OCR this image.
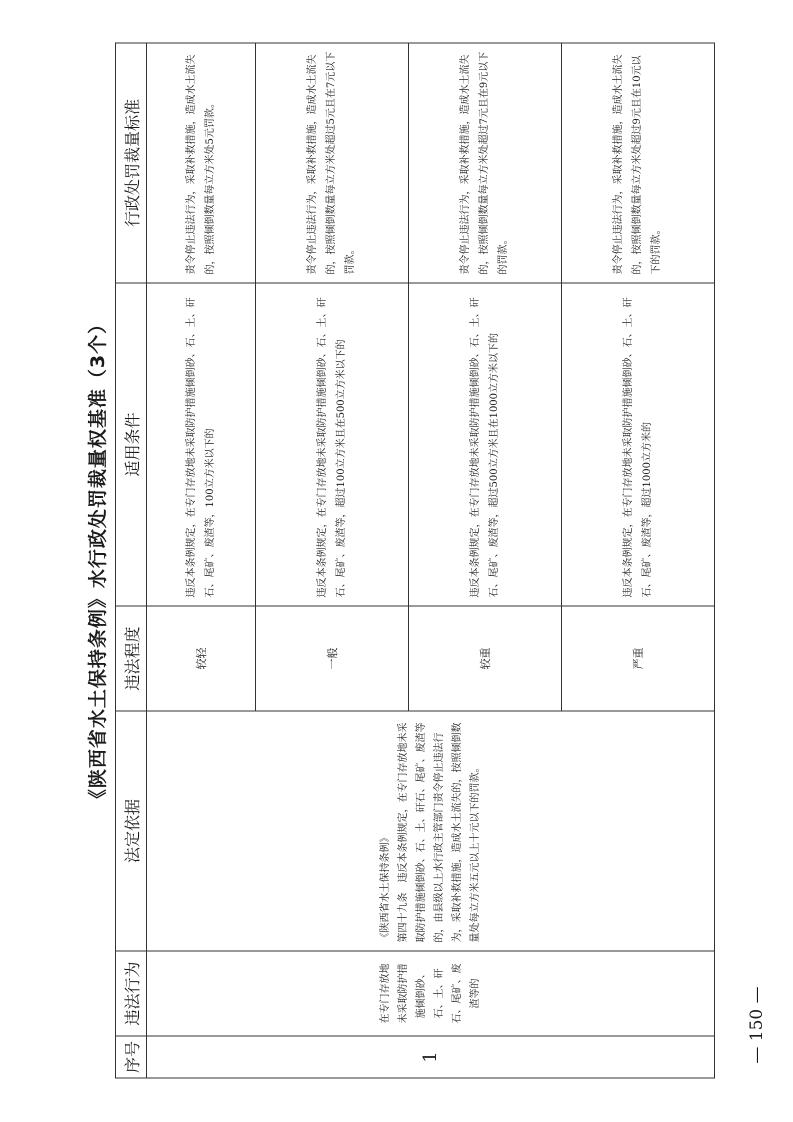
《陕西省水土保持条例》水行政处罚裁量权基准（3个）
序号	违法行为	法定依据	违法程度	适用条件	行政处罚裁量标准
1	在专门存放地未采取防护措施倾倒砂、石、土、矸石、尾矿、废渣等的	《陕西省水土保持条例》 第四十九条　违反本条例规定，在专门存放地未采取防护措施倾倒砂、石、土、矸石、尾矿、废渣等的，由县级以上水行政主管部门责令停止违法行为，采取补救措施，造成水土流失的，按照倾倒数量处每立方米五元以上十元以下的罚款。	较轻	违反本条例规定，在专门存放地未采取防护措施倾倒砂、石、土、矸石、尾矿、废渣等，100立方米以下的	责令停止违法行为，采取补救措施，造成水土流失的，按照倾倒数量每立方米处5元罚款。
			一般	违反本条例规定，在专门存放地未采取防护措施倾倒砂、石、土、矸石、尾矿、废渣等，超过100立方米且在500立方米以下的	责令停止违法行为，采取补救措施，造成水土流失的，按照倾倒数量每立方米处超过5元且在7元以下罚款。
			较重	违反本条例规定，在专门存放地未采取防护措施倾倒砂、石、土、矸石、尾矿、废渣等，超过500立方米且在1000立方米以下的	责令停止违法行为，采取补救措施，造成水土流失的，按照倾倒数量每立方米处超过7元且在9元以下的罚款。
			严重	违反本条例规定，在专门存放地未采取防护措施倾倒砂、石、土、矸石、尾矿、废渣等，超过1000立方米的	责令停止违法行为，采取补救措施，造成水土流失的，按照倾倒数量每立方米处超过9元且在10元以下的罚款。
— 150 —
